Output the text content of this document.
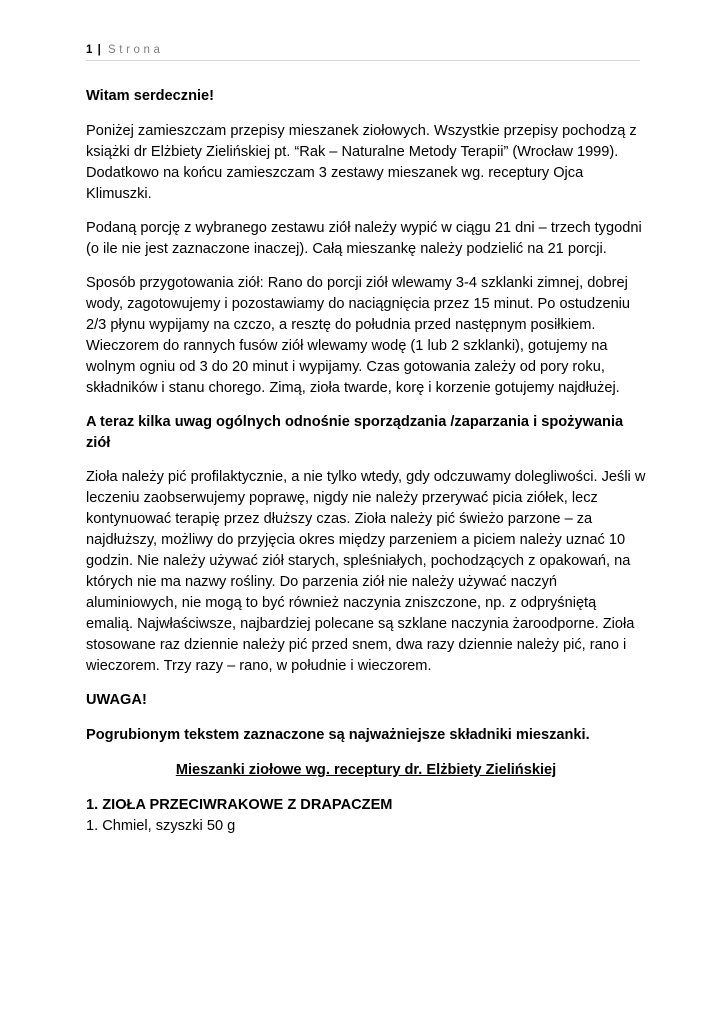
1 | Strona

Witam serdecznie!

Poniżej zamieszczam przepisy mieszanek ziołowych. Wszystkie przepisy pochodzą z książki dr Elżbiety Zielińskiej pt. “Rak – Naturalne Metody Terapii” (Wrocław 1999). Dodatkowo na końcu zamieszczam 3 zestawy mieszanek wg. receptury Ojca Klimuszki.

Podaną porcję z wybranego zestawu ziół należy wypić w ciągu 21 dni – trzech tygodni (o ile nie jest zaznaczone inaczej). Całą mieszankę należy podzielić na 21 porcji.

Sposób przygotowania ziół: Rano do porcji ziół wlewamy 3-4 szklanki zimnej, dobrej wody, zagotowujemy i pozostawiamy do naciągnięcia przez 15 minut. Po ostudzeniu 2/3 płynu wypijamy na czczo, a resztę do południa przed następnym posiłkiem. Wieczorem do rannych fusów ziół wlewamy wodę (1 lub 2 szklanki), gotujemy na wolnym ogniu od 3 do 20 minut i wypijamy. Czas gotowania zależy od pory roku, składników i stanu chorego. Zimą, zioła twarde, korę i korzenie gotujemy najdłużej.

A teraz kilka uwag ogólnych odnośnie sporządzania /zaparzania i spożywania ziół

Zioła należy pić profilaktycznie, a nie tylko wtedy, gdy odczuwamy dolegliwości. Jeśli w leczeniu zaobserwujemy poprawę, nigdy nie należy przerywać picia ziółek, lecz kontynuować terapię przez dłuższy czas. Zioła należy pić świeżo parzone – za najdłuższy, możliwy do przyjęcia okres między parzeniem a piciem należy uznać 10 godzin. Nie należy używać ziół starych, spleśniałych, pochodzących z opakowań, na których nie ma nazwy rośliny. Do parzenia ziół nie należy używać naczyń aluminiowych, nie mogą to być również naczynia zniszczone, np. z odpryśniętą emalią. Najwłaściwsze, najbardziej polecane są szklane naczynia żaroodporne. Zioła stosowane raz dziennie należy pić przed snem, dwa razy dziennie należy pić, rano i wieczorem. Trzy razy – rano, w południe i wieczorem.

UWAGA!

Pogrubionym tekstem zaznaczone są najważniejsze składniki mieszanki.

Mieszanki ziołowe wg. receptury dr. Elżbiety Zielińskiej

1. ZIOŁA PRZECIWRAKOWE Z DRAPACZEM

1. Chmiel, szyszki 50 g
